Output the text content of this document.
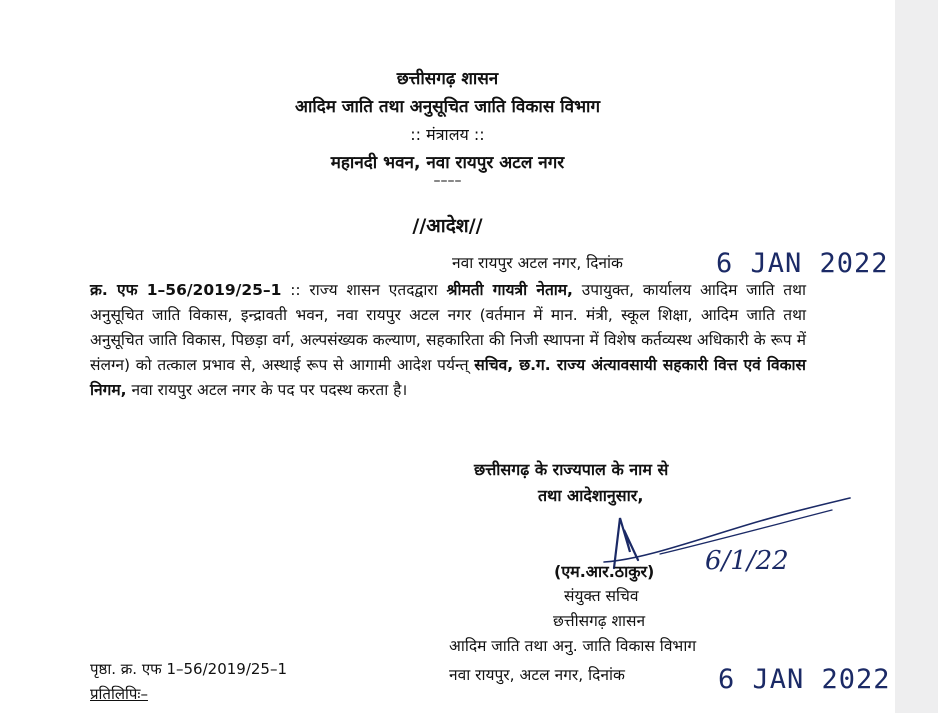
छत्तीसगढ़ शासन
आदिम जाति तथा अनुसूचित जाति विकास विभाग
:: मंत्रालय ::
महानदी भवन, नवा रायपुर अटल नगर
––––
//आदेश//
नवा रायपुर अटल नगर, दिनांक	6 JAN 2022
क्र. एफ 1–56/2019/25–1 :: राज्य शासन एतदद्वारा श्रीमती गायत्री नेताम, उपायुक्त, कार्यालय आदिम जाति तथा अनुसूचित जाति विकास, इन्द्रावती भवन, नवा रायपुर अटल नगर (वर्तमान में मान. मंत्री, स्कूल शिक्षा, आदिम जाति तथा अनुसूचित जाति विकास, पिछड़ा वर्ग, अल्पसंख्यक कल्याण, सहकारिता की निजी स्थापना में विशेष कर्तव्यस्थ अधिकारी के रूप में संलग्न) को तत्काल प्रभाव से, अस्थाई रूप से आगामी आदेश पर्यन्त् सचिव, छ.ग. राज्य अंत्यावसायी सहकारी वित्त एवं विकास निगम, नवा रायपुर अटल नगर के पद पर पदस्थ करता है।
छत्तीसगढ़ के राज्यपाल के नाम से
तथा आदेशानुसार,
6/1/22
(एम.आर.ठाकुर)
संयुक्त सचिव
छत्तीसगढ़ शासन
आदिम जाति तथा अनु. जाति विकास विभाग
नवा रायपुर, अटल नगर, दिनांक	6 JAN 2022
पृष्ठा. क्र. एफ 1–56/2019/25–1
प्रतिलिपिः–
